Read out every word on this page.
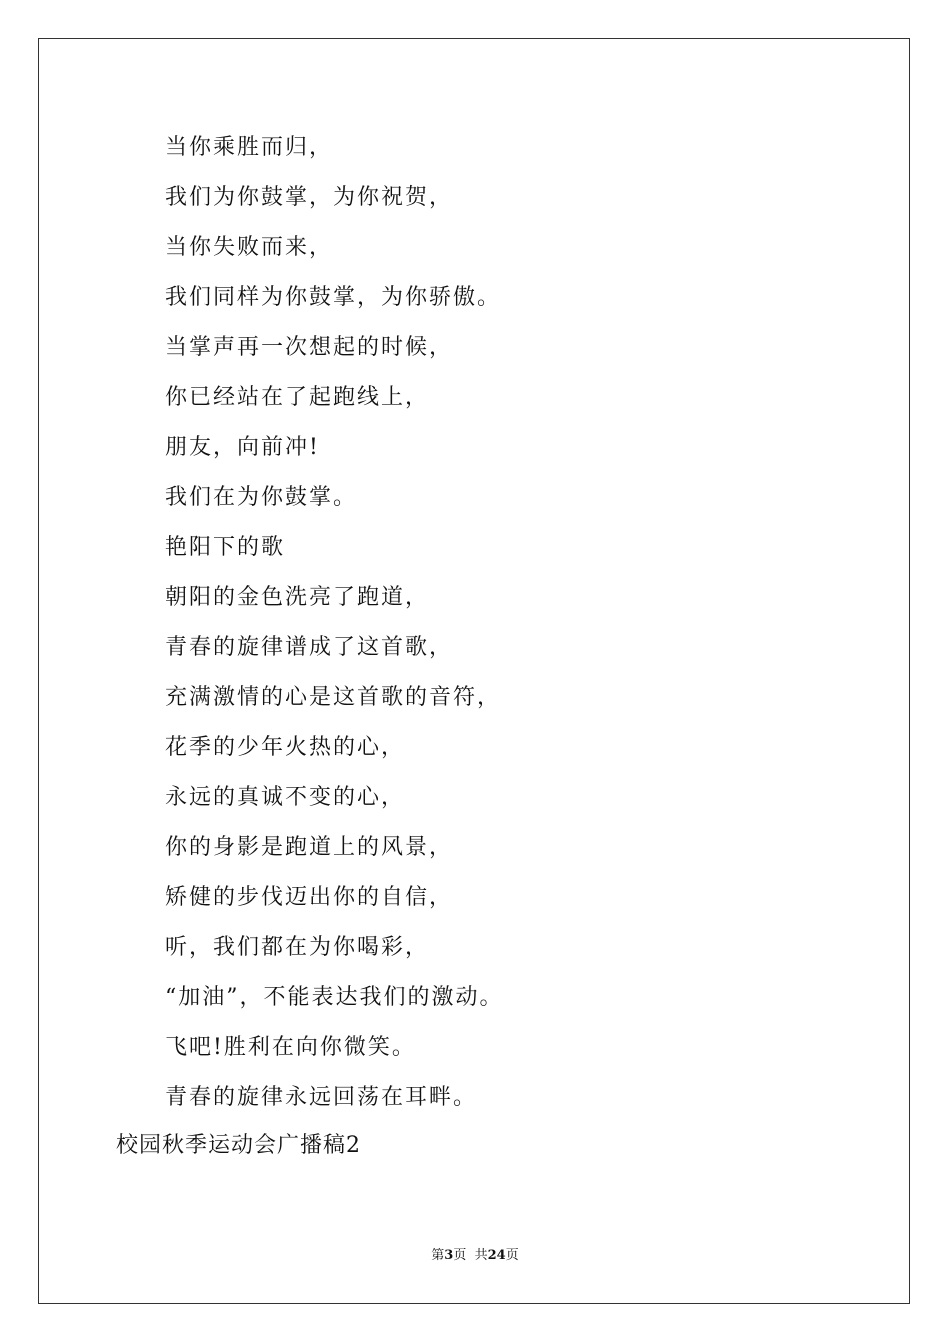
当你乘胜而归，
我们为你鼓掌，为你祝贺，
当你失败而来，
我们同样为你鼓掌，为你骄傲。
当掌声再一次想起的时候，
你已经站在了起跑线上，
朋友，向前冲!
我们在为你鼓掌。
艳阳下的歌
朝阳的金色洗亮了跑道，
青春的旋律谱成了这首歌，
充满激情的心是这首歌的音符，
花季的少年火热的心，
永远的真诚不变的心，
你的身影是跑道上的风景，
矫健的步伐迈出你的自信，
听，我们都在为你喝彩，
“加油”，不能表达我们的激动。
飞吧!胜利在向你微笑。
青春的旋律永远回荡在耳畔。
校园秋季运动会广播稿2
第3页  共24页
